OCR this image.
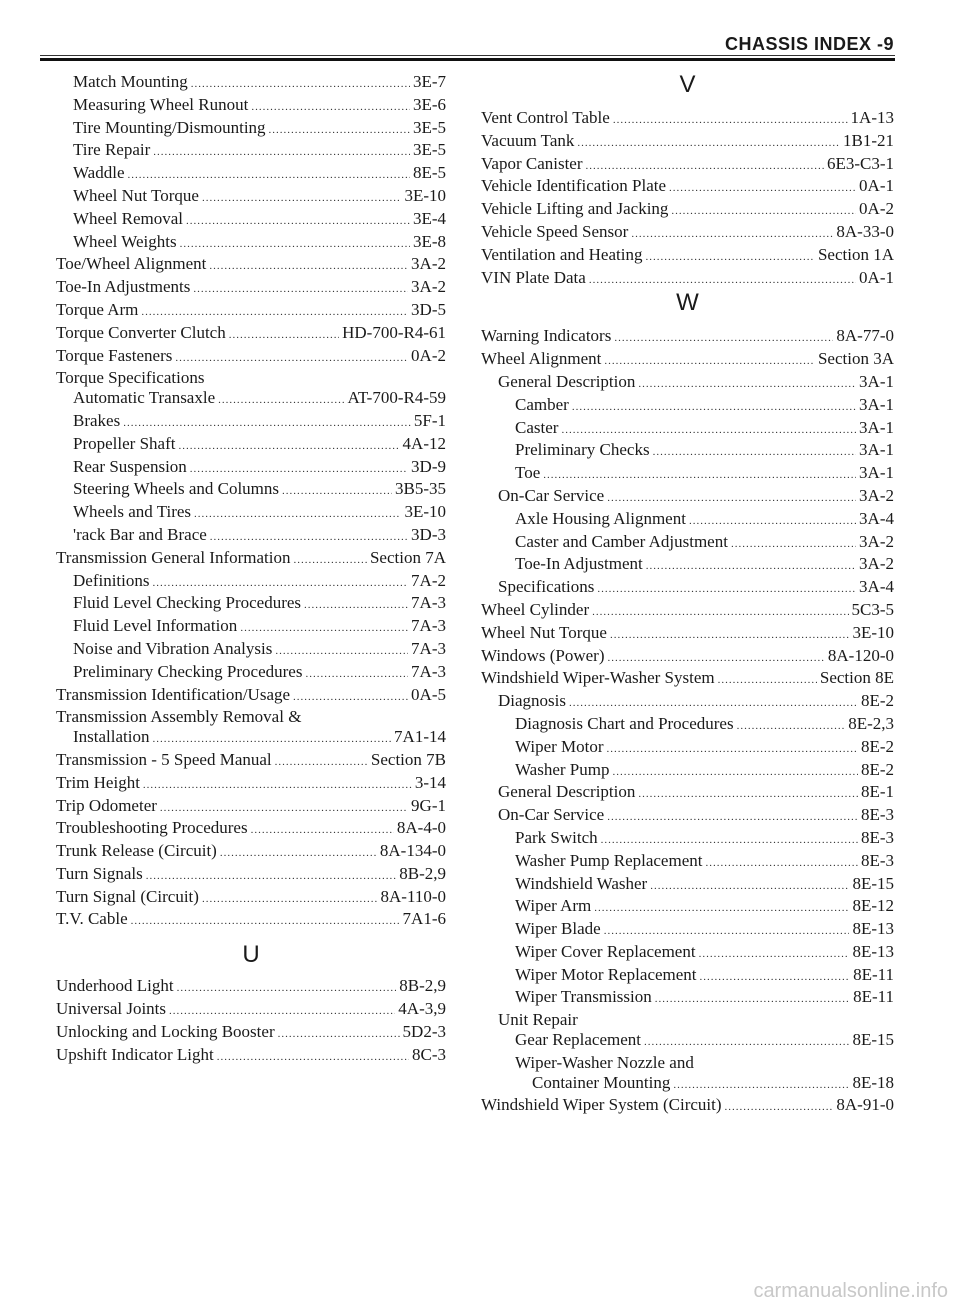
CHASSIS INDEX -9
Match Mounting .....	3E-7
Measuring Wheel Runout .....	3E-6
Tire Mounting/Dismounting .....	3E-5
Tire Repair .....	3E-5
Waddle .....	8E-5
Wheel Nut Torque .....	3E-10
Wheel Removal .....	3E-4
Wheel Weights .....	3E-8
Toe/Wheel Alignment .....	3A-2
Toe-In Adjustments .....	3A-2
Torque Arm .....	3D-5
Torque Converter Clutch .....	HD-700-R4-61
Torque Fasteners .....	0A-2
Torque Specifications
Automatic Transaxle .....	AT-700-R4-59
Brakes .....	5F-1
Propeller Shaft .....	4A-12
Rear Suspension .....	3D-9
Steering Wheels and Columns .....	3B5-35
Wheels and Tires .....	3E-10
'rack Bar and Brace .....	3D-3
Transmission General Information .....	Section 7A
Definitions .....	7A-2
Fluid Level Checking Procedures .....	7A-3
Fluid Level Information .....	7A-3
Noise and Vibration Analysis .....	7A-3
Preliminary Checking Procedures .....	7A-3
Transmission Identification/Usage .....	0A-5
Transmission Assembly Removal &
Installation .....	7A1-14
Transmission - 5 Speed Manual .....	Section 7B
Trim Height .....	3-14
Trip Odometer .....	9G-1
Troubleshooting Procedures .....	8A-4-0
Trunk Release (Circuit) .....	8A-134-0
Turn Signals .....	8B-2,9
Turn Signal (Circuit) .....	8A-110-0
T.V. Cable .....	7A1-6
U
Underhood Light .....	8B-2,9
Universal Joints .....	4A-3,9
Unlocking and Locking Booster .....	5D2-3
Upshift Indicator Light .....	8C-3
V
Vent Control Table .....	1A-13
Vacuum Tank .....	1B1-21
Vapor Canister .....	6E3-C3-1
Vehicle Identification Plate .....	0A-1
Vehicle Lifting and Jacking .....	0A-2
Vehicle Speed Sensor .....	8A-33-0
Ventilation and Heating .....	Section 1A
VIN Plate Data .....	0A-1
W
Warning Indicators .....	8A-77-0
Wheel Alignment .....	Section 3A
General Description .....	3A-1
Camber .....	3A-1
Caster .....	3A-1
Preliminary Checks .....	3A-1
Toe .....	3A-1
On-Car Service .....	3A-2
Axle Housing Alignment .....	3A-4
Caster and Camber Adjustment .....	3A-2
Toe-In Adjustment .....	3A-2
Specifications .....	3A-4
Wheel Cylinder .....	5C3-5
Wheel Nut Torque .....	3E-10
Windows (Power) .....	8A-120-0
Windshield Wiper-Washer System .....	Section 8E
Diagnosis .....	8E-2
Diagnosis Chart and Procedures .....	8E-2,3
Wiper Motor .....	8E-2
Washer Pump .....	8E-2
General Description .....	8E-1
On-Car Service .....	8E-3
Park Switch .....	8E-3
Washer Pump Replacement .....	8E-3
Windshield Washer .....	8E-15
Wiper Arm .....	8E-12
Wiper Blade .....	8E-13
Wiper Cover Replacement .....	8E-13
Wiper Motor Replacement .....	8E-11
Wiper Transmission .....	8E-11
Unit Repair
Gear Replacement .....	8E-15
Wiper-Washer Nozzle and
Container Mounting .....	8E-18
Windshield Wiper System (Circuit) .....	8A-91-0
carmanualsonline.info
